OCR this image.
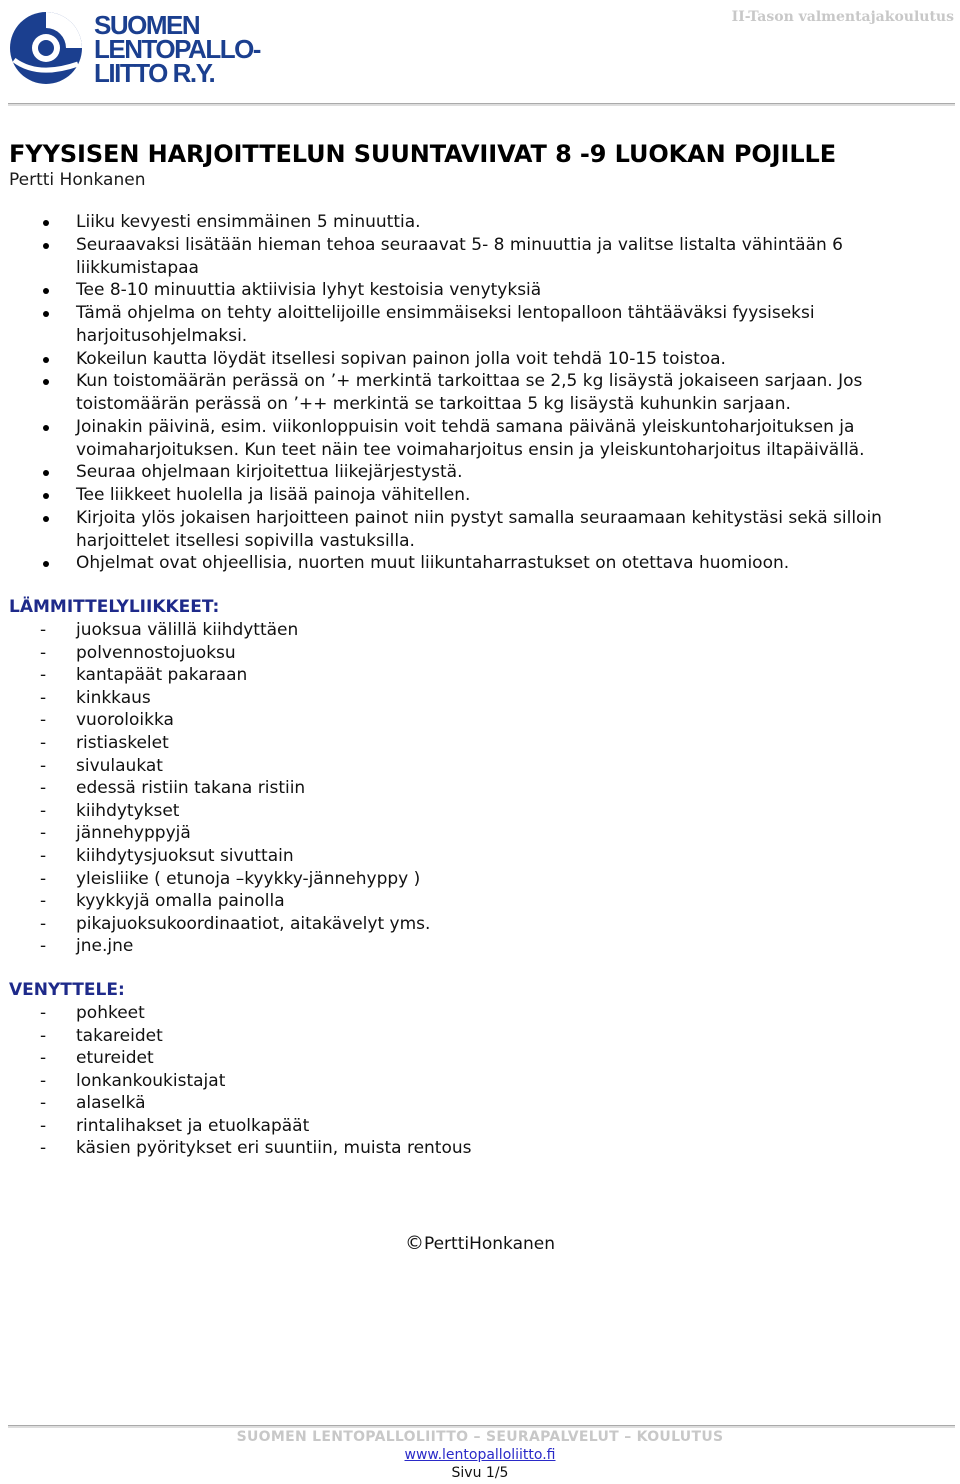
SUOMEN
LENTOPALLO-
LIITTO R.Y.
II-Tason valmentajakoulutus
FYYSISEN HARJOITTELUN SUUNTAVIIVAT 8 -9 LUOKAN POJILLE
Pertti Honkanen
Liiku kevyesti ensimmäinen 5 minuuttia.
Seuraavaksi lisätään hieman tehoa seuraavat 5- 8 minuuttia ja valitse listalta vähintään 6 liikkumistapaa
Tee 8-10 minuuttia aktiivisia lyhyt kestoisia venytyksiä
Tämä ohjelma on tehty aloittelijoille ensimmäiseksi lentopalloon tähtääväksi fyysiseksi harjoitusohjelmaksi.
Kokeilun kautta löydät itsellesi sopivan painon jolla voit tehdä 10-15 toistoa.
Kun toistomäärän perässä on ’+ merkintä tarkoittaa se 2,5 kg lisäystä jokaiseen sarjaan. Jos toistomäärän perässä on ’++ merkintä se tarkoittaa 5 kg lisäystä kuhunkin sarjaan.
Joinakin päivinä, esim. viikonloppuisin voit tehdä samana päivänä yleiskuntoharjoituksen ja voimaharjoituksen. Kun teet näin tee voimaharjoitus ensin ja yleiskuntoharjoitus iltapäivällä.
Seuraa ohjelmaan kirjoitettua liikejärjestystä.
Tee liikkeet huolella ja lisää painoja vähitellen.
Kirjoita ylös jokaisen harjoitteen painot niin pystyt samalla seuraamaan kehitystäsi sekä silloin harjoittelet itsellesi sopivilla vastuksilla.
Ohjelmat ovat ohjeellisia, nuorten muut liikuntaharrastukset on otettava huomioon.
LÄMMITTELYLIIKKEET:
- juoksua välillä kiihdyttäen
- polvennostojuoksu
- kantapäät pakaraan
- kinkkaus
- vuoroloikka
- ristiaskelet
- sivulaukat
- edessä ristiin takana ristiin
- kiihdytykset
- jännehyppyjä
- kiihdytysjuoksut sivuttain
- yleisliike ( etunoja –kyykky-jännehyppy )
- kyykkyjä omalla painolla
- pikajuoksukoordinaatiot, aitakävelyt yms.
- jne.jne
VENYTTELE:
- pohkeet
- takareidet
- etureidet
- lonkankoukistajat
- alaselkä
- rintalihakset ja etuolkapäät
- käsien pyöritykset eri suuntiin, muista rentous
©PerttiHonkanen
SUOMEN LENTOPALLOLIITTO – SEURAPALVELUT – KOULUTUS
www.lentopalloliitto.fi
Sivu 1/5
